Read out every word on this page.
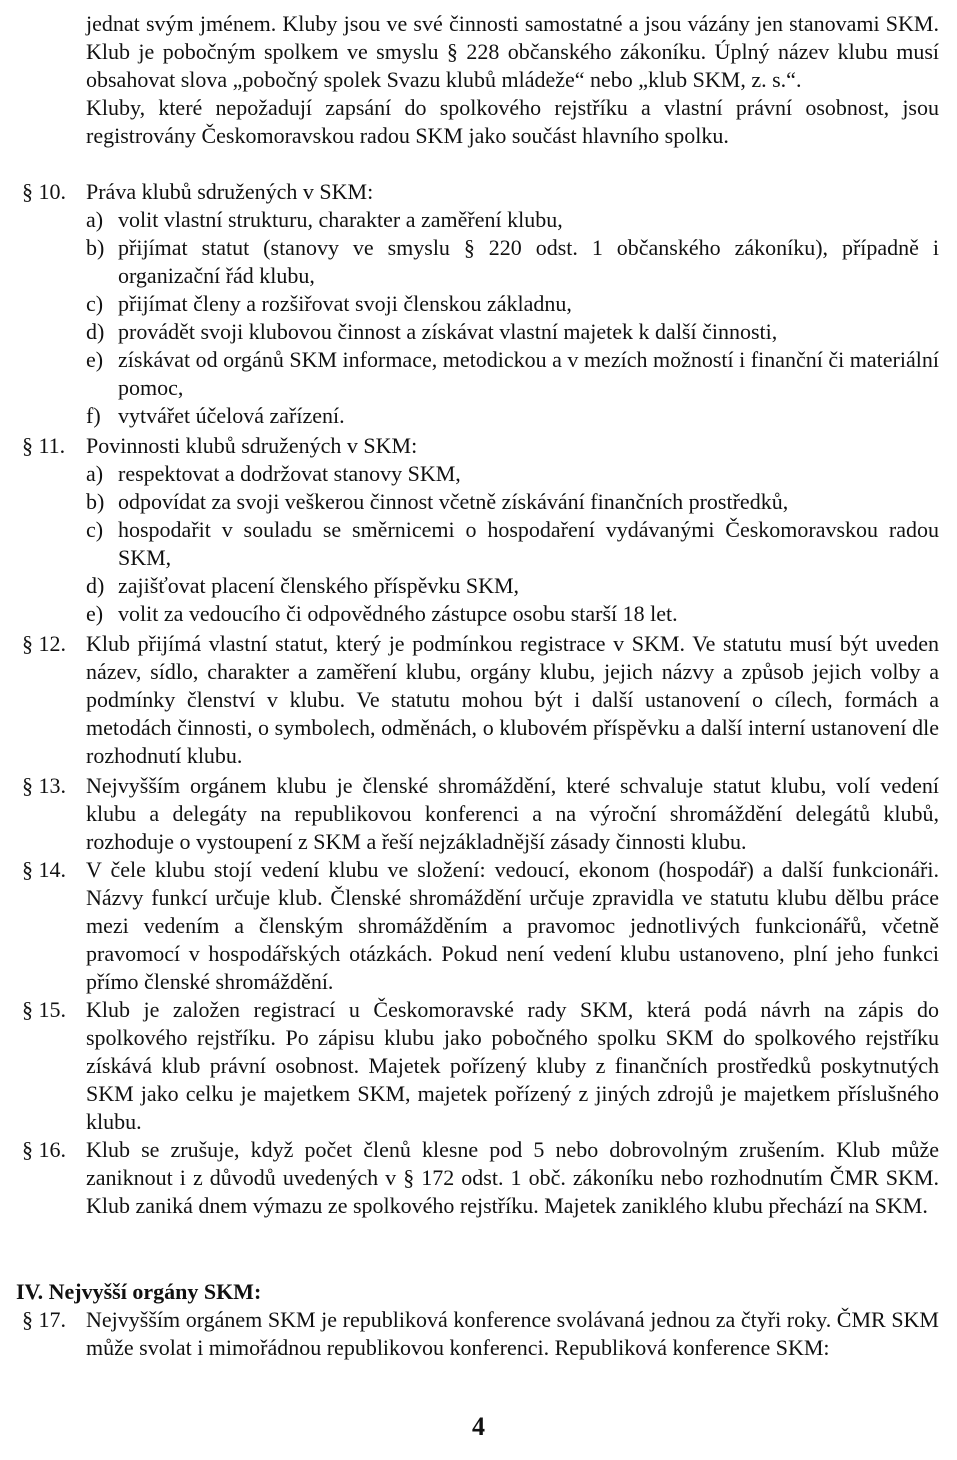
jednat svým jménem. Kluby jsou ve své činnosti samostatné a jsou vázány jen stanovami SKM. Klub je pobočným spolkem ve smyslu § 228 občanského zákoníku. Úplný název klubu musí obsahovat slova „pobočný spolek Svazu klubů mládeže“ nebo „klub SKM, z. s.“.

Kluby, které nepožadují zapsání do spolkového rejstříku a vlastní právní osobnost, jsou registrovány Českomoravskou radou SKM jako součást hlavního spolku.

§ 10. Práva klubů sdružených v SKM:

a) volit vlastní strukturu, charakter a zaměření klubu,
b) přijímat statut (stanovy ve smyslu § 220 odst. 1 občanského zákoníku), případně i organizační řád klubu,
c) přijímat členy a rozšiřovat svoji členskou základnu,
d) provádět svoji klubovou činnost a získávat vlastní majetek k další činnosti,
e) získávat od orgánů SKM informace, metodickou a v mezích možností i finanční či materiální pomoc,
f) vytvářet účelová zařízení.
§ 11. Povinnosti klubů sdružených v SKM:

a) respektovat a dodržovat stanovy SKM,
b) odpovídat za svoji veškerou činnost včetně získávání finančních prostředků,
c) hospodařit v souladu se směrnicemi o hospodaření vydávanými Českomoravskou radou SKM,
d) zajišťovat placení členského příspěvku SKM,
e) volit za vedoucího či odpovědného zástupce osobu starší 18 let.
§ 12. Klub přijímá vlastní statut, který je podmínkou registrace v SKM. Ve statutu musí být uveden název, sídlo, charakter a zaměření klubu, orgány klubu, jejich názvy a způsob jejich volby a podmínky členství v klubu. Ve statutu mohou být i další ustanovení o cílech, formách a metodách činnosti, o symbolech, odměnách, o klubovém příspěvku a další interní ustanovení dle rozhodnutí klubu.

§ 13. Nejvyšším orgánem klubu je členské shromáždění, které schvaluje statut klubu, volí vedení klubu a delegáty na republikovou konferenci a na výroční shromáždění delegátů klubů, rozhoduje o vystoupení z SKM a řeší nejzákladnější zásady činnosti klubu.

§ 14. V čele klubu stojí vedení klubu ve složení: vedoucí, ekonom (hospodář) a další funkcionáři. Názvy funkcí určuje klub. Členské shromáždění určuje zpravidla ve statutu klubu dělbu práce mezi vedením a členským shromážděním a pravomoc jednotlivých funkcionářů, včetně pravomocí v hospodářských otázkách. Pokud není vedení klubu ustanoveno, plní jeho funkci přímo členské shromáždění.

§ 15. Klub je založen registrací u Českomoravské rady SKM, která podá návrh na zápis do spolkového rejstříku. Po zápisu klubu jako pobočného spolku SKM do spolkového rejstříku získává klub právní osobnost. Majetek pořízený kluby z finančních prostředků poskytnutých SKM jako celku je majetkem SKM, majetek pořízený z jiných zdrojů je majetkem příslušného klubu.

§ 16. Klub se zrušuje, když počet členů klesne pod 5 nebo dobrovolným zrušením. Klub může zaniknout i z důvodů uvedených v § 172 odst. 1 obč. zákoníku nebo rozhodnutím ČMR SKM. Klub zaniká dnem výmazu ze spolkového rejstříku. Majetek zaniklého klubu přechází na SKM.

IV. Nejvyšší orgány SKM:
§ 17. Nejvyšším orgánem SKM je republiková konference svolávaná jednou za čtyři roky. ČMR SKM může svolat i mimořádnou republikovou konferenci. Republiková konference SKM:

4
